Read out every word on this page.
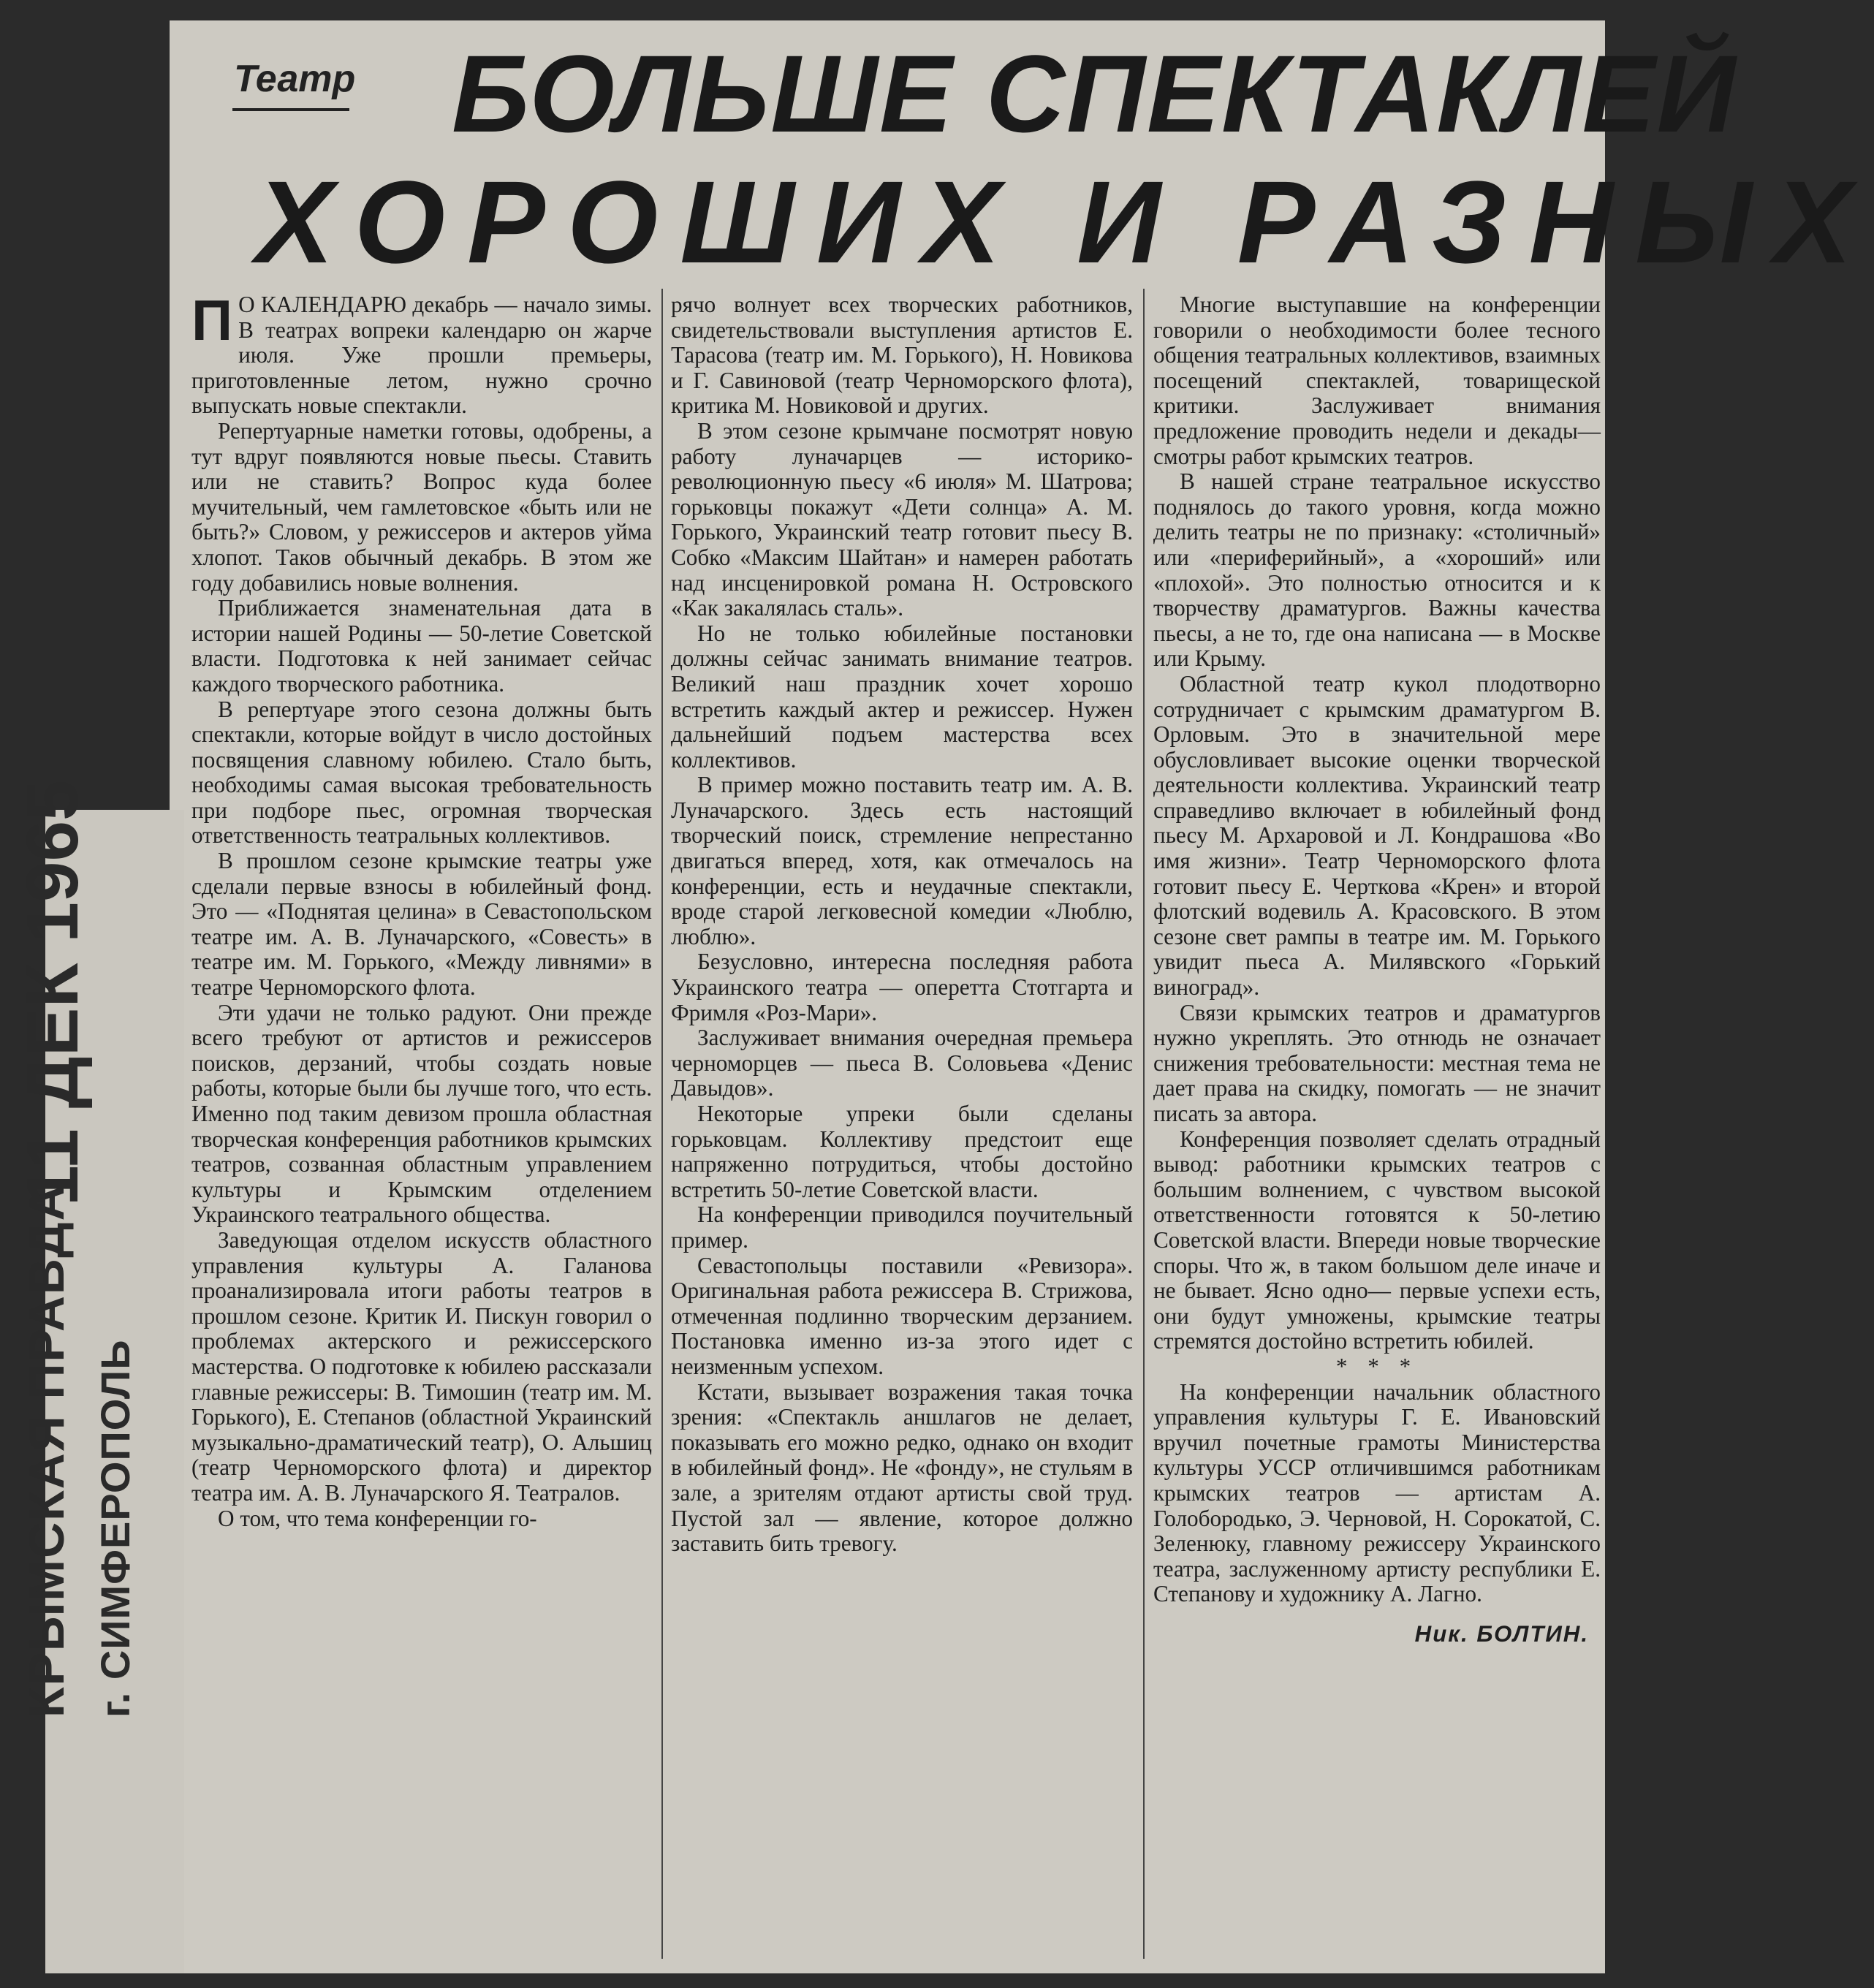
Театр БОЛЬШЕ СПЕКТАКЛЕЙ
ХОРОШИХ И РАЗНЫХ
КРЫМСКАЯ ПРАВДА г. СИМФЕРОПОЛЬ
11 ДЕК 1965

П О КАЛЕНДАРЮ декабрь — начало зимы. В театрах вопреки календарю он жарче июля. Уже прошли премьеры, приготовленные летом, нужно срочно выпускать новые спектакли.

Репертуарные наметки готовы, одобрены, а тут вдруг появляются новые пьесы. Ставить или не ставить? Вопрос куда более мучительный, чем гамлетовское «быть или не быть?» Словом, у режиссеров и актеров уйма хлопот. Таков обычный декабрь. В этом же году добавились новые волнения.

Приближается знаменательная дата в истории нашей Родины — 50-летие Советской власти. Подготовка к ней занимает сейчас каждого творческого работника.

В репертуаре этого сезона должны быть спектакли, которые войдут в число достойных посвящения славному юбилею. Стало быть, необходимы самая высокая требовательность при подборе пьес, огромная творческая ответственность театральных коллективов.

В прошлом сезоне крымские театры уже сделали первые взносы в юбилейный фонд. Это — «Поднятая целина» в Севастопольском театре им. А. В. Луначарского, «Совесть» в театре им. М. Горького, «Между ливнями» в театре Черноморского флота.

Эти удачи не только радуют. Они прежде всего требуют от артистов и режиссеров поисков, дерзаний, чтобы создать новые работы, которые были бы лучше того, что есть. Именно под таким девизом прошла областная творческая конференция работников крымских театров, созванная областным управлением культуры и Крымским отделением Украинского театрального общества.

Заведующая отделом искусств областного управления культуры А. Галанова проанализировала итоги работы театров в прошлом сезоне. Критик И. Пискун говорил о проблемах актерского и режиссерского мастерства. О подготовке к юбилею рассказали главные режиссеры: В. Тимошин (театр им. М. Горького), Е. Степанов (областной Украинский музыкально-драматический театр), О. Альшиц (театр Черноморского флота) и директор театра им. А. В. Луначарского Я. Театралов.

О том, что тема конференции го-

рячо волнует всех творческих работников, свидетельствовали выступления артистов Е. Тарасова (театр им. М. Горького), Н. Новикова и Г. Савиновой (театр Черноморского флота), критика М. Новиковой и других.

В этом сезоне крымчане посмотрят новую работу луначарцев — историко-революционную пьесу «6 июля» М. Шатрова; горьковцы покажут «Дети солнца» А. М. Горького, Украинский театр готовит пьесу В. Собко «Максим Шайтан» и намерен работать над инсценировкой романа Н. Островского «Как закалялась сталь».

Но не только юбилейные постановки должны сейчас занимать внимание театров. Великий наш праздник хочет хорошо встретить каждый актер и режиссер. Нужен дальнейший подъем мастерства всех коллективов.

В пример можно поставить театр им. А. В. Луначарского. Здесь есть настоящий творческий поиск, стремление непрестанно двигаться вперед, хотя, как отмечалось на конференции, есть и неудачные спектакли, вроде старой легковесной комедии «Люблю, люблю».

Безусловно, интересна последняя работа Украинского театра — оперетта Стотгарта и Фримля «Роз-Мари».

Заслуживает внимания очередная премьера черноморцев — пьеса В. Соловьева «Денис Давыдов».

Некоторые упреки были сделаны горьковцам. Коллективу предстоит еще напряженно потрудиться, чтобы достойно встретить 50-летие Советской власти.

На конференции приводился поучительный пример.

Севастопольцы поставили «Ревизора». Оригинальная работа режиссера В. Стрижова, отмеченная подлинно творческим дерзанием. Постановка именно из-за этого идет с неизменным успехом.

Кстати, вызывает возражения такая точка зрения: «Спектакль аншлагов не делает, показывать его можно редко, однако он входит в юбилейный фонд». Не «фонду», не стульям в зале, а зрителям отдают артисты свой труд. Пустой зал — явление, которое должно заставить бить тревогу.

Многие выступавшие на конференции говорили о необходимости более тесного общения театральных коллективов, взаимных посещений спектаклей, товарищеской критики. Заслуживает внимания предложение проводить недели и декады—смотры работ крымских театров.

В нашей стране театральное искусство поднялось до такого уровня, когда можно делить театры не по признаку: «столичный» или «периферийный», а «хороший» или «плохой». Это полностью относится и к творчеству драматургов. Важны качества пьесы, а не то, где она написана — в Москве или Крыму.

Областной театр кукол плодотворно сотрудничает с крымским драматургом В. Орловым. Это в значительной мере обусловливает высокие оценки творческой деятельности коллектива. Украинский театр справедливо включает в юбилейный фонд пьесу М. Архаровой и Л. Кондрашова «Во имя жизни». Театр Черноморского флота готовит пьесу Е. Черткова «Крен» и второй флотский водевиль А. Красовского. В этом сезоне свет рампы в театре им. М. Горького увидит пьеса А. Милявского «Горький виноград».

Связи крымских театров и драматургов нужно укреплять. Это отнюдь не означает снижения требовательности: местная тема не дает права на скидку, помогать — не значит писать за автора.

Конференция позволяет сделать отрадный вывод: работники крымских театров с большим волнением, с чувством высокой ответственности готовятся к 50-летию Советской власти. Впереди новые творческие споры. Что ж, в таком большом деле иначе и не бывает. Ясно одно— первые успехи есть, они будут умножены, крымские театры стремятся достойно встретить юбилей.

* * *

На конференции начальник областного управления культуры Г. Е. Ивановский вручил почетные грамоты Министерства культуры УССР отличившимся работникам крымских театров — артистам А. Голобородько, Э. Черновой, Н. Сорокатой, С. Зеленюку, главному режиссеру Украинского театра, заслуженному артисту республики Е. Степанову и художнику А. Лагно.

Ник. БОЛТИН.
